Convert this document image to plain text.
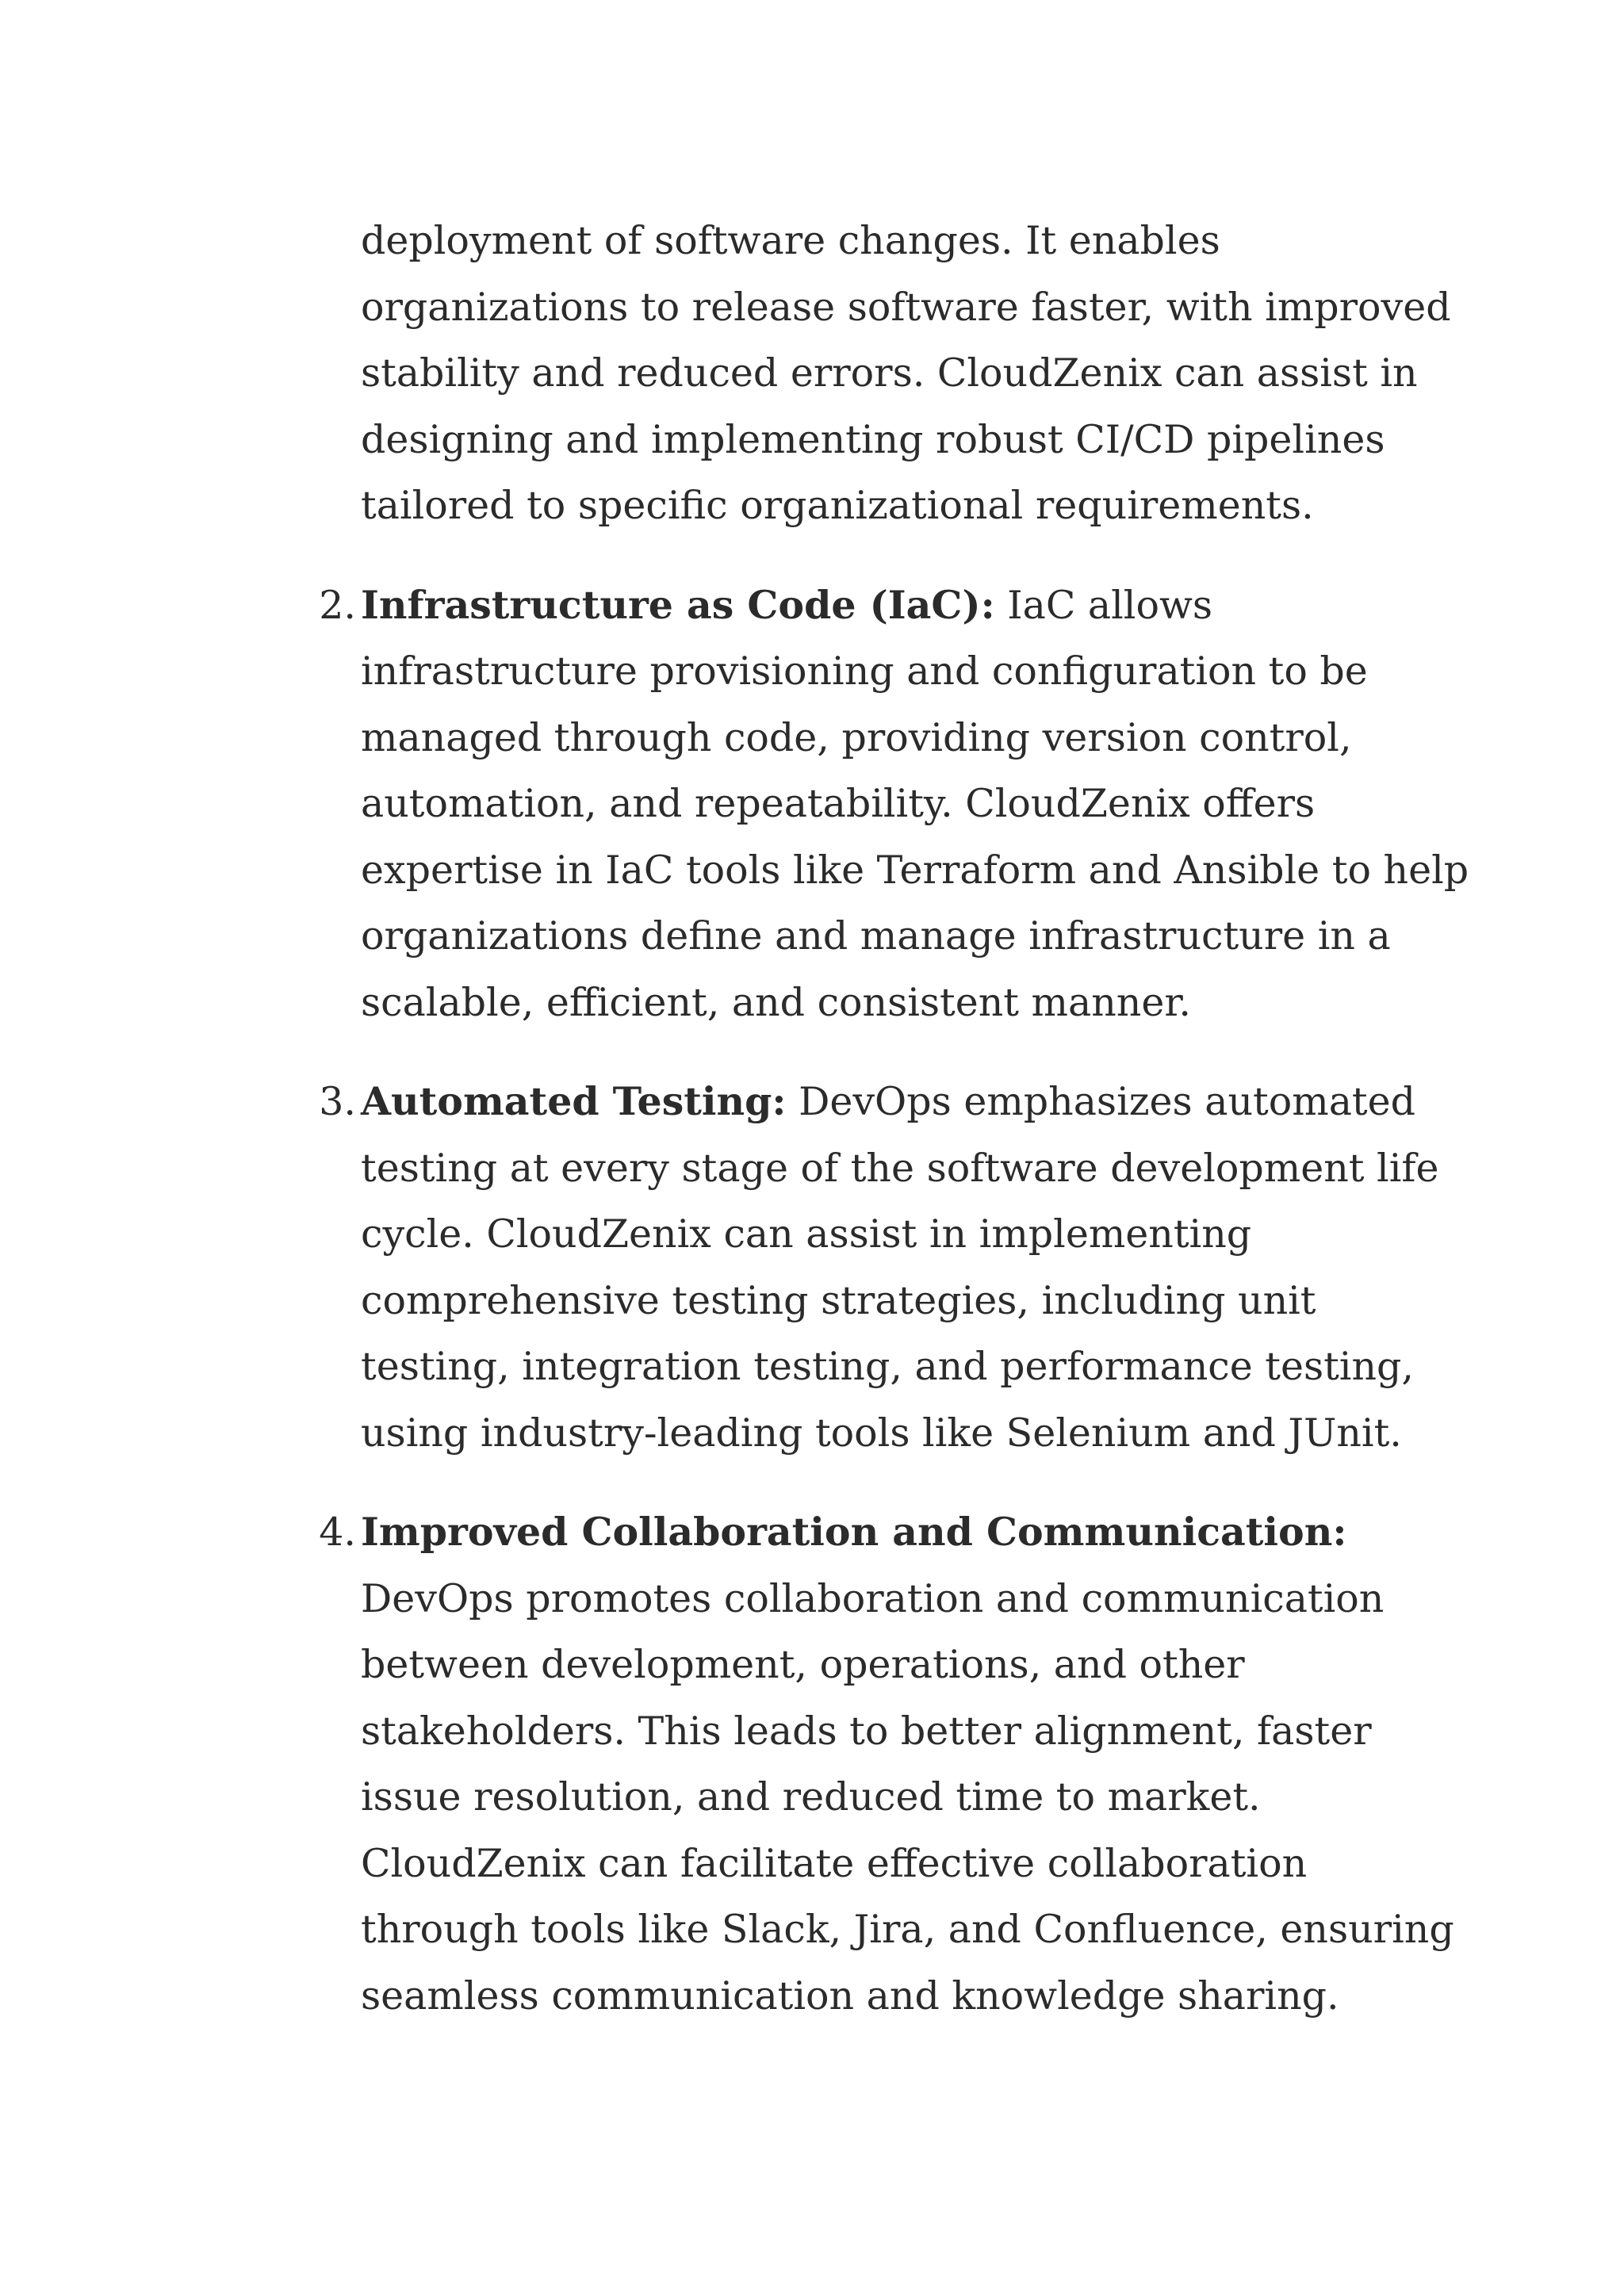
deployment of software changes. It enables organizations to release software faster, with improved stability and reduced errors. CloudZenix can assist in designing and implementing robust CI/CD pipelines tailored to specific organizational requirements.

2. Infrastructure as Code (IaC): IaC allows infrastructure provisioning and configuration to be managed through code, providing version control, automation, and repeatability. CloudZenix offers expertise in IaC tools like Terraform and Ansible to help organizations define and manage infrastructure in a scalable, efficient, and consistent manner.

3. Automated Testing: DevOps emphasizes automated testing at every stage of the software development life cycle. CloudZenix can assist in implementing comprehensive testing strategies, including unit testing, integration testing, and performance testing, using industry-leading tools like Selenium and JUnit.

4. Improved Collaboration and Communication: DevOps promotes collaboration and communication between development, operations, and other stakeholders. This leads to better alignment, faster issue resolution, and reduced time to market. CloudZenix can facilitate effective collaboration through tools like Slack, Jira, and Confluence, ensuring seamless communication and knowledge sharing.
